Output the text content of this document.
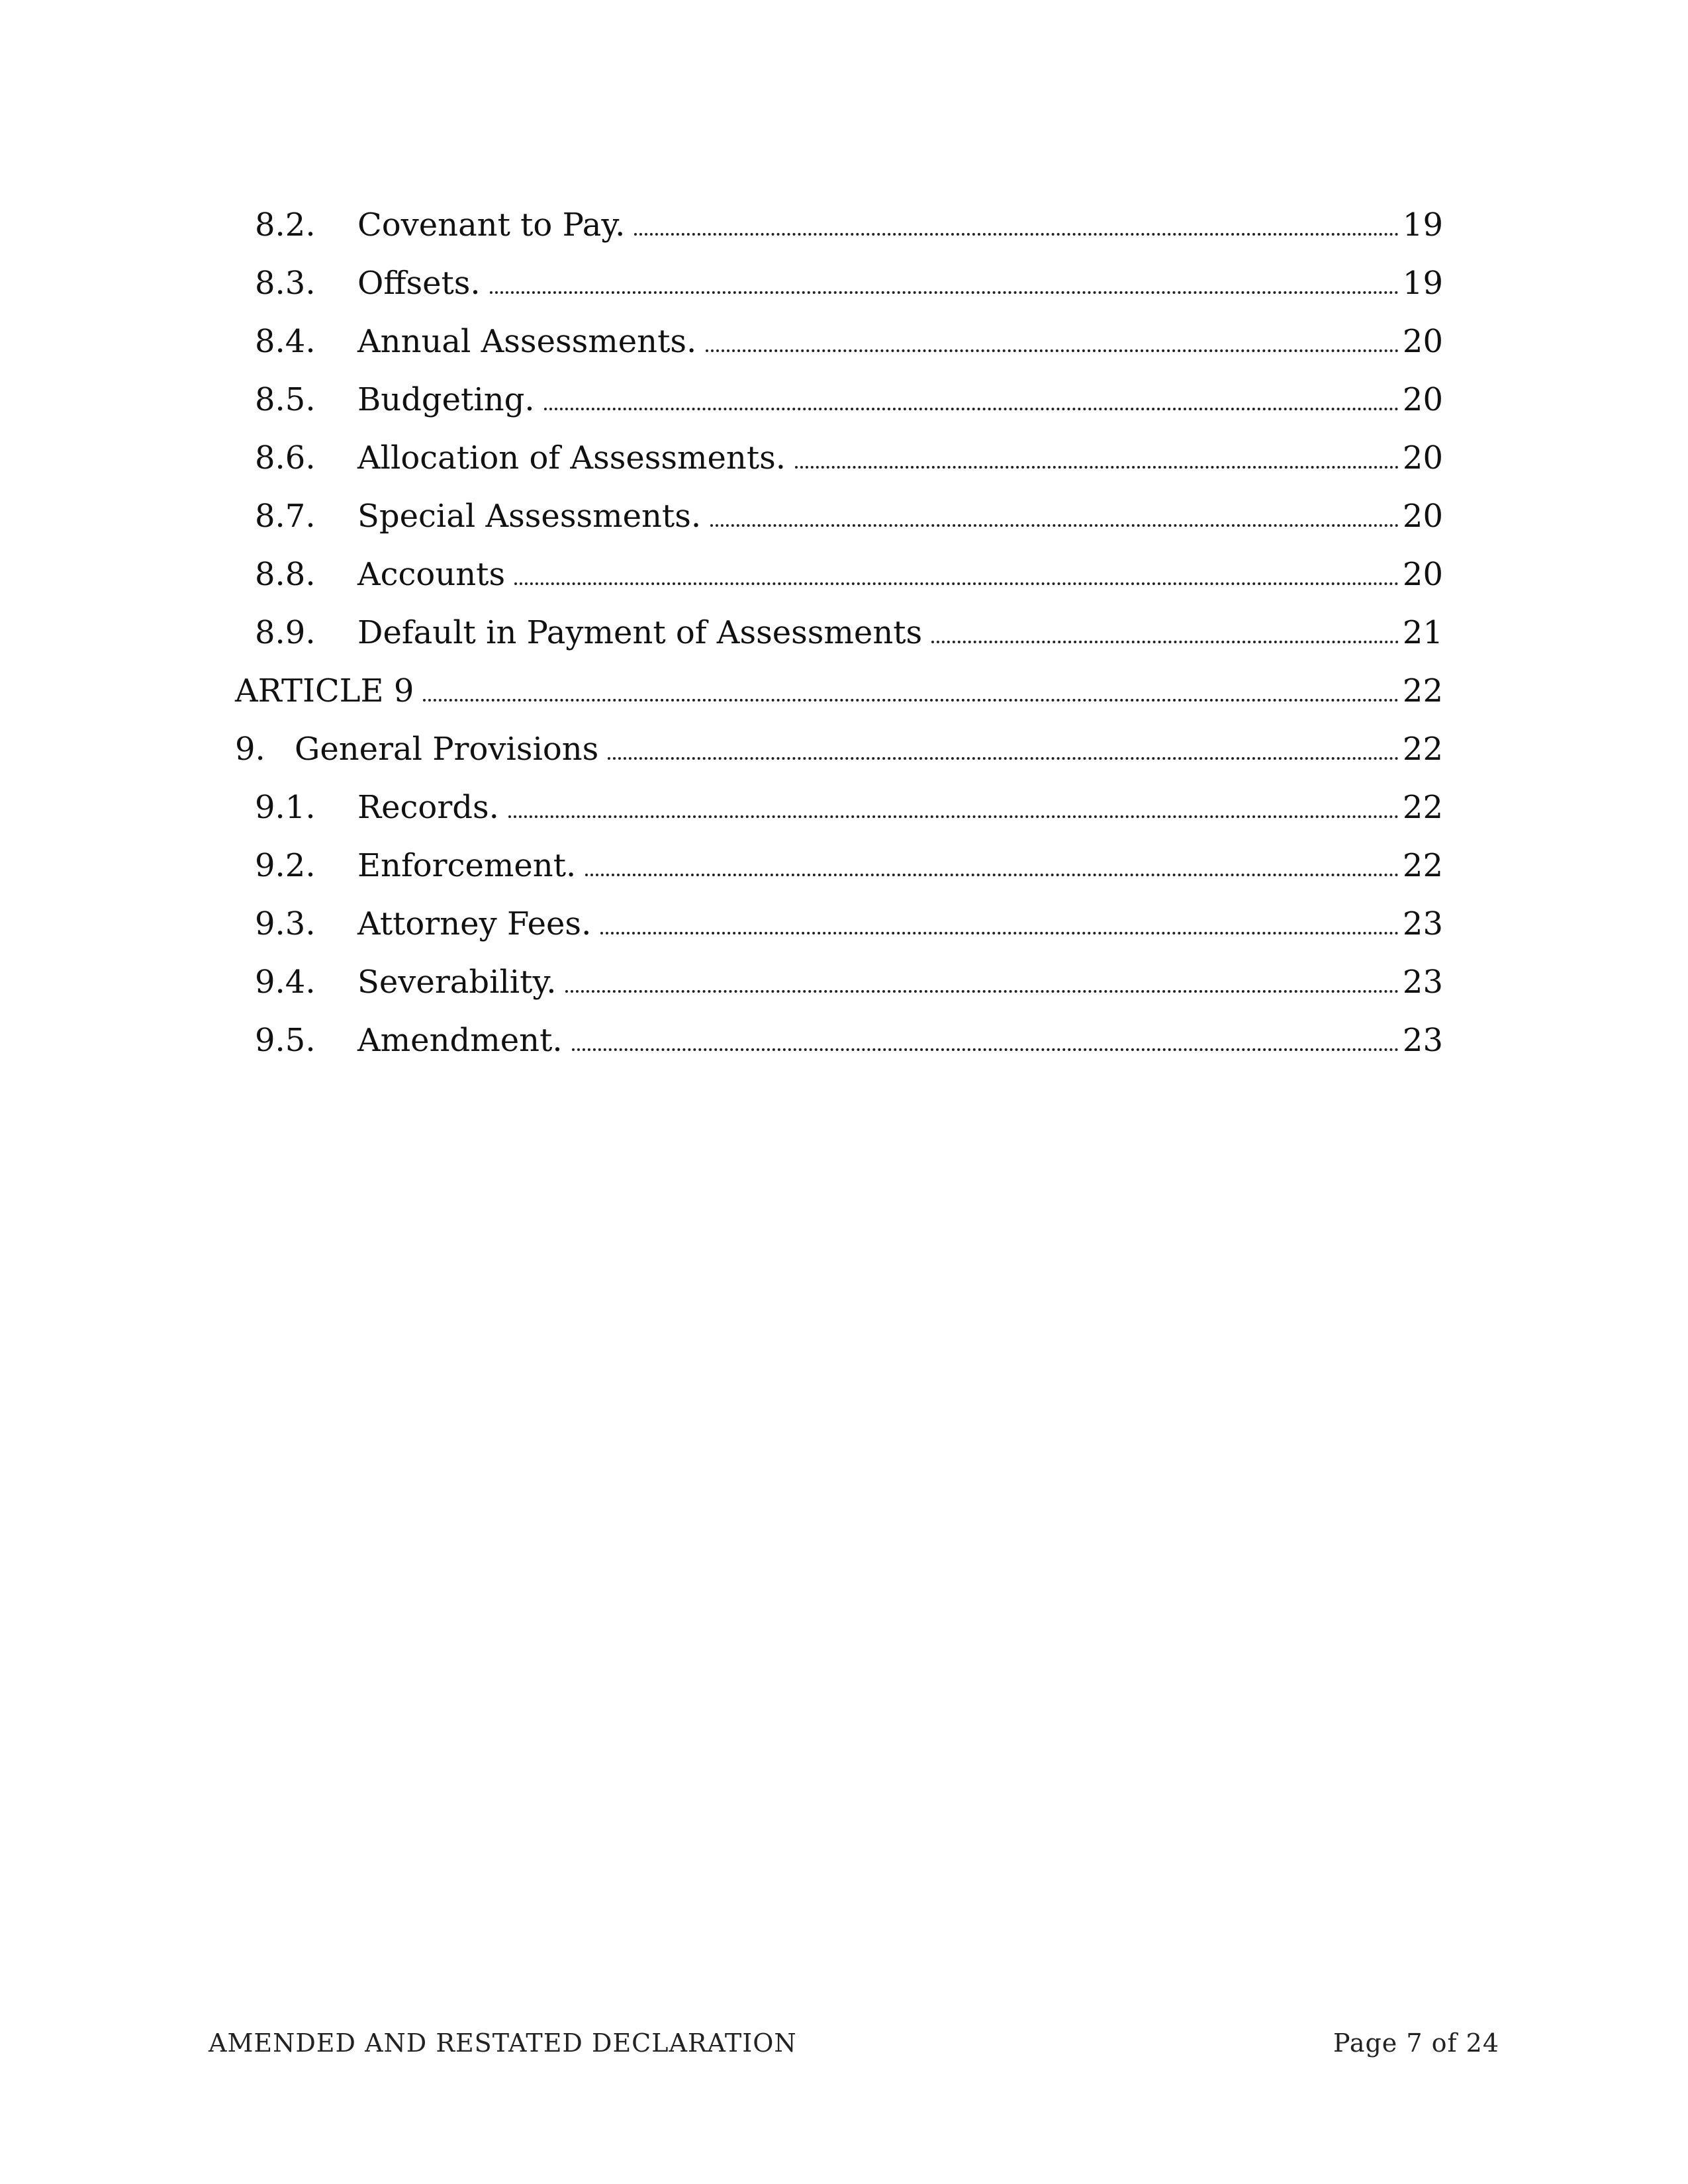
8.2.	Covenant to Pay.	19
8.3.	Offsets.	19
8.4.	Annual Assessments.	20
8.5.	Budgeting.	20
8.6.	Allocation of Assessments.	20
8.7.	Special Assessments.	20
8.8.	Accounts	20
8.9.	Default in Payment of Assessments	21
ARTICLE 9	22
9. General Provisions	22
9.1.	Records.	22
9.2.	Enforcement.	22
9.3.	Attorney Fees.	23
9.4.	Severability.	23
9.5.	Amendment.	23
AMENDED AND RESTATED DECLARATION	Page 7 of 24
